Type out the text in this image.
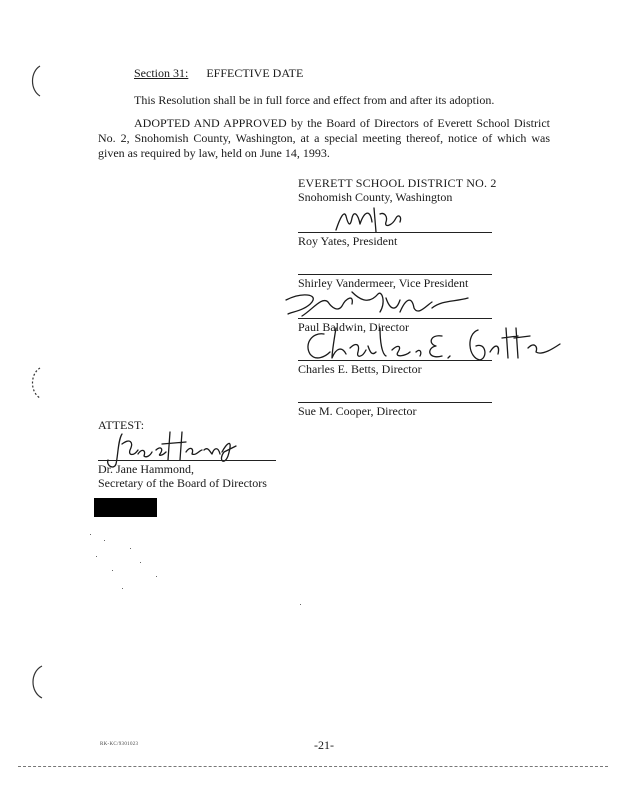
Section 31: EFFECTIVE DATE
This Resolution shall be in full force and effect from and after its adoption.
ADOPTED AND APPROVED by the Board of Directors of Everett School District No. 2, Snohomish County, Washington, at a special meeting thereof, notice of which was given as required by law, held on June 14, 1993.
EVERETT SCHOOL DISTRICT NO. 2
Snohomish County, Washington
Roy Yates, President
Shirley Vandermeer, Vice President
Paul Baldwin, Director
Charles E. Betts, Director
Sue M. Cooper, Director
ATTEST:
Dr. Jane Hammond,
Secretary of the Board of Directors
RK-KC/9301023	-21-
